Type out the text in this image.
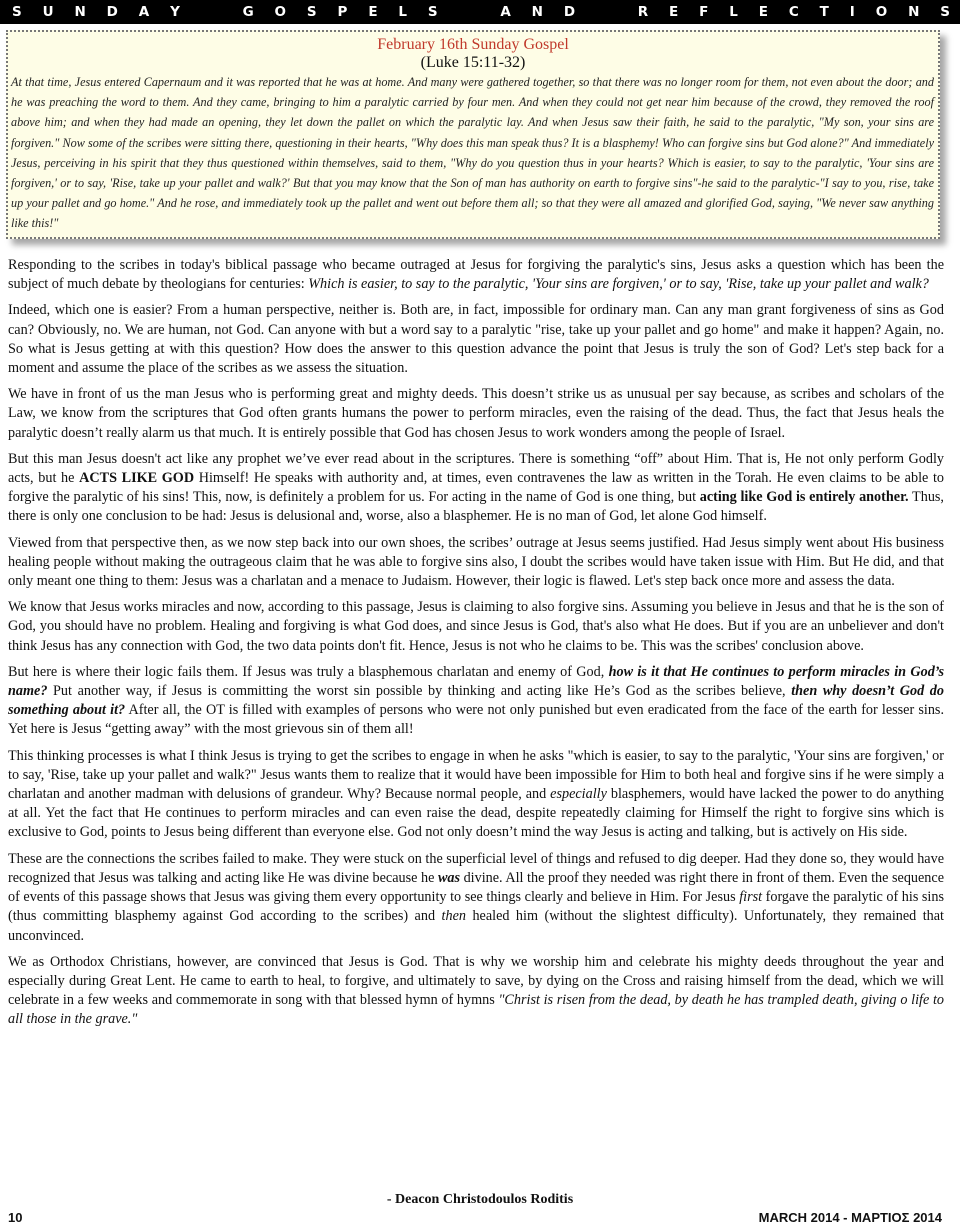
S U N D A Y   G O S P E L S   A N D   R E F L E C T I O N S
February 16th Sunday Gospel
(Luke 15:11-32)
At that time, Jesus entered Capernaum and it was reported that he was at home. And many were gathered together, so that there was no longer room for them, not even about the door; and he was preaching the word to them. And they came, bringing to him a paralytic carried by four men. And when they could not get near him because of the crowd, they removed the roof above him; and when they had made an opening, they let down the pallet on which the paralytic lay. And when Jesus saw their faith, he said to the paralytic, "My son, your sins are forgiven." Now some of the scribes were sitting there, questioning in their hearts, "Why does this man speak thus? It is a blasphemy! Who can forgive sins but God alone?" And immediately Jesus, perceiving in his spirit that they thus questioned within themselves, said to them, "Why do you question thus in your hearts? Which is easier, to say to the paralytic, 'Your sins are forgiven,' or to say, 'Rise, take up your pallet and walk?' But that you may know that the Son of man has authority on earth to forgive sins"-he said to the paralytic-"I say to you, rise, take up your pallet and go home." And he rose, and immediately took up the pallet and went out before them all; so that they were all amazed and glorified God, saying, "We never saw anything like this!"

Responding to the scribes in today's biblical passage who became outraged at Jesus for forgiving the paralytic's sins, Jesus asks a question which has been the subject of much debate by theologians for centuries: Which is easier, to say to the paralytic, 'Your sins are forgiven,' or to say, 'Rise, take up your pallet and walk?

Indeed, which one is easier? From a human perspective, neither is. Both are, in fact, impossible for ordinary man. Can any man grant forgiveness of sins as God can? Obviously, no. We are human, not God. Can anyone with but a word say to a paralytic "rise, take up your pallet and go home" and make it happen? Again, no. So what is Jesus getting at with this question? How does the answer to this question advance the point that Jesus is truly the son of God? Let's step back for a moment and assume the place of the scribes as we assess the situation.

We have in front of us the man Jesus who is performing great and mighty deeds. This doesn’t strike us as unusual per say because, as scribes and scholars of the Law, we know from the scriptures that God often grants humans the power to perform miracles, even the raising of the dead. Thus, the fact that Jesus heals the paralytic doesn’t really alarm us that much. It is entirely possible that God has chosen Jesus to work wonders among the people of Israel.

But this man Jesus doesn't act like any prophet we’ve ever read about in the scriptures. There is something “off” about Him. That is, He not only perform Godly acts, but he ACTS LIKE GOD Himself! He speaks with authority and, at times, even contravenes the law as written in the Torah. He even claims to be able to forgive the paralytic of his sins! This, now, is definitely a problem for us. For acting in the name of God is one thing, but acting like God is entirely another. Thus, there is only one conclusion to be had: Jesus is delusional and, worse, also a blasphemer. He is no man of God, let alone God himself.

Viewed from that perspective then, as we now step back into our own shoes, the scribes’ outrage at Jesus seems justified. Had Jesus simply went about His business healing people without making the outrageous claim that he was able to forgive sins also, I doubt the scribes would have taken issue with Him. But He did, and that only meant one thing to them: Jesus was a charlatan and a menace to Judaism. However, their logic is flawed. Let's step back once more and assess the data.

We know that Jesus works miracles and now, according to this passage, Jesus is claiming to also forgive sins. Assuming you believe in Jesus and that he is the son of God, you should have no problem. Healing and forgiving is what God does, and since Jesus is God, that's also what He does. But if you are an unbeliever and don't think Jesus has any connection with God, the two data points don't fit. Hence, Jesus is not who he claims to be. This was the scribes' conclusion above.

But here is where their logic fails them. If Jesus was truly a blasphemous charlatan and enemy of God, how is it that He continues to perform miracles in God’s name? Put another way, if Jesus is committing the worst sin possible by thinking and acting like He’s God as the scribes believe, then why doesn’t God do something about it? After all, the OT is filled with examples of persons who were not only punished but even eradicated from the face of the earth for lesser sins. Yet here is Jesus “getting away” with the most grievous sin of them all!

This thinking processes is what I think Jesus is trying to get the scribes to engage in when he asks "which is easier, to say to the paralytic, 'Your sins are forgiven,' or to say, 'Rise, take up your pallet and walk?" Jesus wants them to realize that it would have been impossible for Him to both heal and forgive sins if he were simply a charlatan and another madman with delusions of grandeur. Why? Because normal people, and especially blasphemers, would have lacked the power to do anything at all. Yet the fact that He continues to perform miracles and can even raise the dead, despite repeatedly claiming for Himself the right to forgive sins which is exclusive to God, points to Jesus being different than everyone else. God not only doesn’t mind the way Jesus is acting and talking, but is actively on His side.

These are the connections the scribes failed to make. They were stuck on the superficial level of things and refused to dig deeper. Had they done so, they would have recognized that Jesus was talking and acting like He was divine because he was divine. All the proof they needed was right there in front of them. Even the sequence of events of this passage shows that Jesus was giving them every opportunity to see things clearly and believe in Him. For Jesus first forgave the paralytic of his sins (thus committing blasphemy against God according to the scribes) and then healed him (without the slightest difficulty). Unfortunately, they remained that unconvinced.

We as Orthodox Christians, however, are convinced that Jesus is God. That is why we worship him and celebrate his mighty deeds throughout the year and especially during Great Lent. He came to earth to heal, to forgive, and ultimately to save, by dying on the Cross and raising himself from the dead, which we will celebrate in a few weeks and commemorate in song with that blessed hymn of hymns "Christ is risen from the dead, by death he has trampled death, giving o life to all those in the grave."

- Deacon Christodoulos Roditis
10	MARCH 2014 - ΜΑΡΤΙΟΣ 2014
